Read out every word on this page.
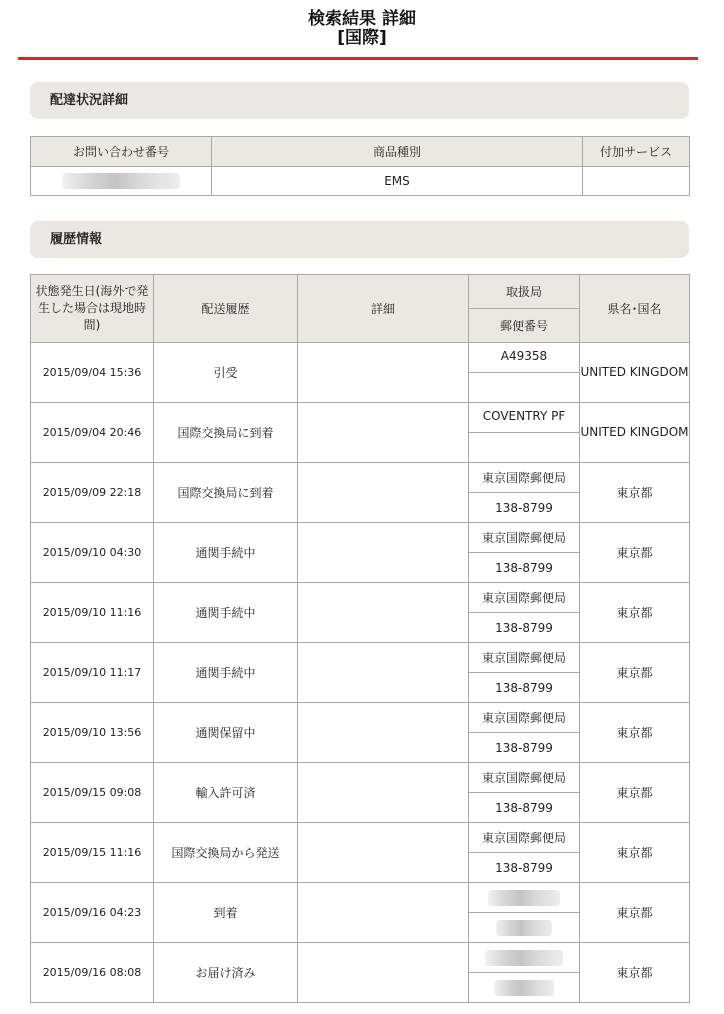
検索結果 詳細
[国際]
配達状況詳細
お問い合わせ番号	商品種別	付加サービス
	EMS	
履歴情報
状態発生日(海外で発生した場合は現地時間)	配送履歴	詳細	取扱局	県名･国名
			郵便番号	
2015/09/04 15:36	引受		A49358	UNITED KINGDOM

2015/09/04 20:46	国際交換局に到着		COVENTRY PF	UNITED KINGDOM

2015/09/09 22:18	国際交換局に到着		東京国際郵便局	東京都
			138-8799	
2015/09/10 04:30	通関手続中		東京国際郵便局	東京都
			138-8799	
2015/09/10 11:16	通関手続中		東京国際郵便局	東京都
			138-8799	
2015/09/10 11:17	通関手続中		東京国際郵便局	東京都
			138-8799	
2015/09/10 13:56	通関保留中		東京国際郵便局	東京都
			138-8799	
2015/09/15 09:08	輸入許可済		東京国際郵便局	東京都
			138-8799	
2015/09/15 11:16	国際交換局から発送		東京国際郵便局	東京都
			138-8799	
2015/09/16 04:23	到着			東京都

2015/09/16 08:08	お届け済み			東京都
